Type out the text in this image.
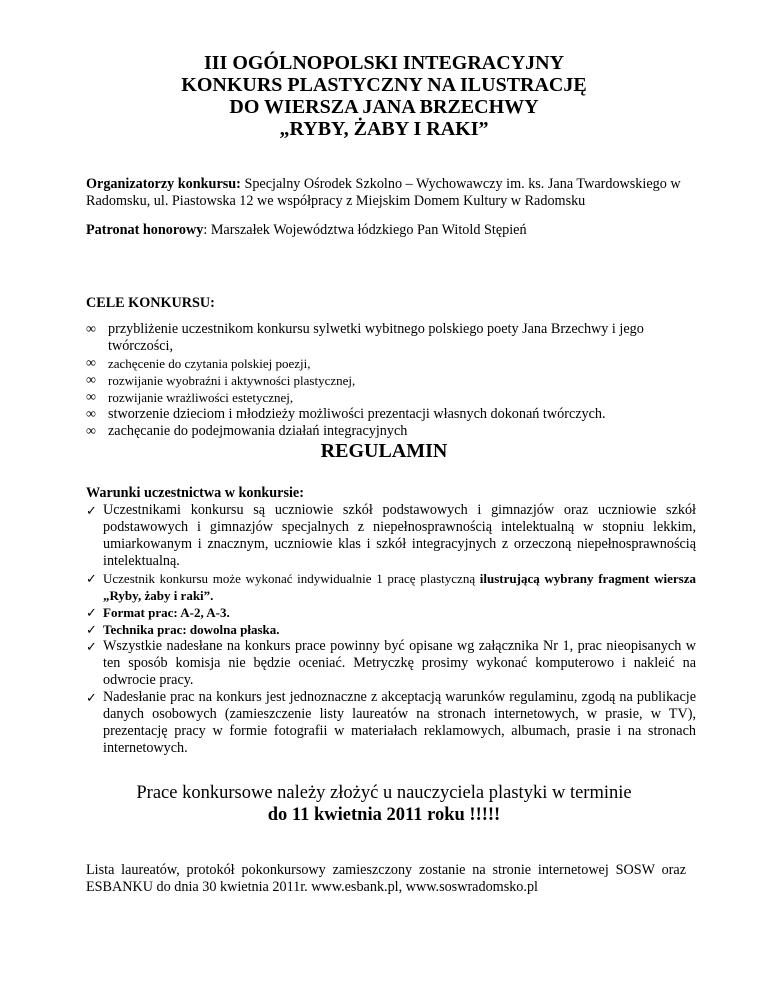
III OGÓLNOPOLSKI INTEGRACYJNY
KONKURS PLASTYCZNY NA ILUSTRACJĘ
DO WIERSZA JANA BRZECHWY
„RYBY, ŻABY I RAKI”
Organizatorzy konkursu: Specjalny Ośrodek Szkolno – Wychowawczy im. ks. Jana Twardowskiego w Radomsku, ul. Piastowska 12 we współpracy z Miejskim Domem Kultury w Radomsku
Patronat honorowy: Marszałek Województwa łódzkiego Pan Witold Stępień
CELE KONKURSU:
∞ przybliżenie uczestnikom konkursu sylwetki wybitnego polskiego poety Jana Brzechwy i jego twórczości,
∞ zachęcenie do czytania polskiej poezji,
∞ rozwijanie wyobraźni i aktywności plastycznej,
∞ rozwijanie wrażliwości estetycznej,
∞ stworzenie dzieciom i młodzieży możliwości prezentacji własnych dokonań twórczych.
∞ zachęcanie do podejmowania działań integracyjnych
REGULAMIN
Warunki uczestnictwa w konkursie:
✓ Uczestnikami konkursu są uczniowie szkół podstawowych i gimnazjów oraz uczniowie szkół podstawowych i gimnazjów specjalnych z niepełnosprawnością intelektualną w stopniu lekkim, umiarkowanym i znacznym, uczniowie klas i szkół integracyjnych z orzeczoną niepełnosprawnością intelektualną.
✓ Uczestnik konkursu może wykonać indywidualnie 1 pracę plastyczną ilustrującą wybrany fragment wiersza „Ryby, żaby i raki”.
✓ Format prac: A-2, A-3.
✓ Technika prac: dowolna płaska.
✓ Wszystkie nadesłane na konkurs prace powinny być opisane wg załącznika Nr 1, prac nieopisanych w ten sposób komisja nie będzie oceniać. Metryczkę prosimy wykonać komputerowo i nakleić na odwrocie pracy.
✓ Nadesłanie prac na konkurs jest jednoznaczne z akceptacją warunków regulaminu, zgodą na publikacje danych osobowych (zamieszczenie listy laureatów na stronach internetowych, w prasie, w TV), prezentację pracy w formie fotografii w materiałach reklamowych, albumach, prasie i na stronach internetowych.
Prace konkursowe należy złożyć u nauczyciela plastyki w terminie
do 11 kwietnia 2011 roku !!!!!
Lista laureatów, protokół pokonkursowy zamieszczony zostanie na stronie internetowej SOSW oraz ESBANKU do dnia 30 kwietnia 2011r. www.esbank.pl, www.soswradomsko.pl
